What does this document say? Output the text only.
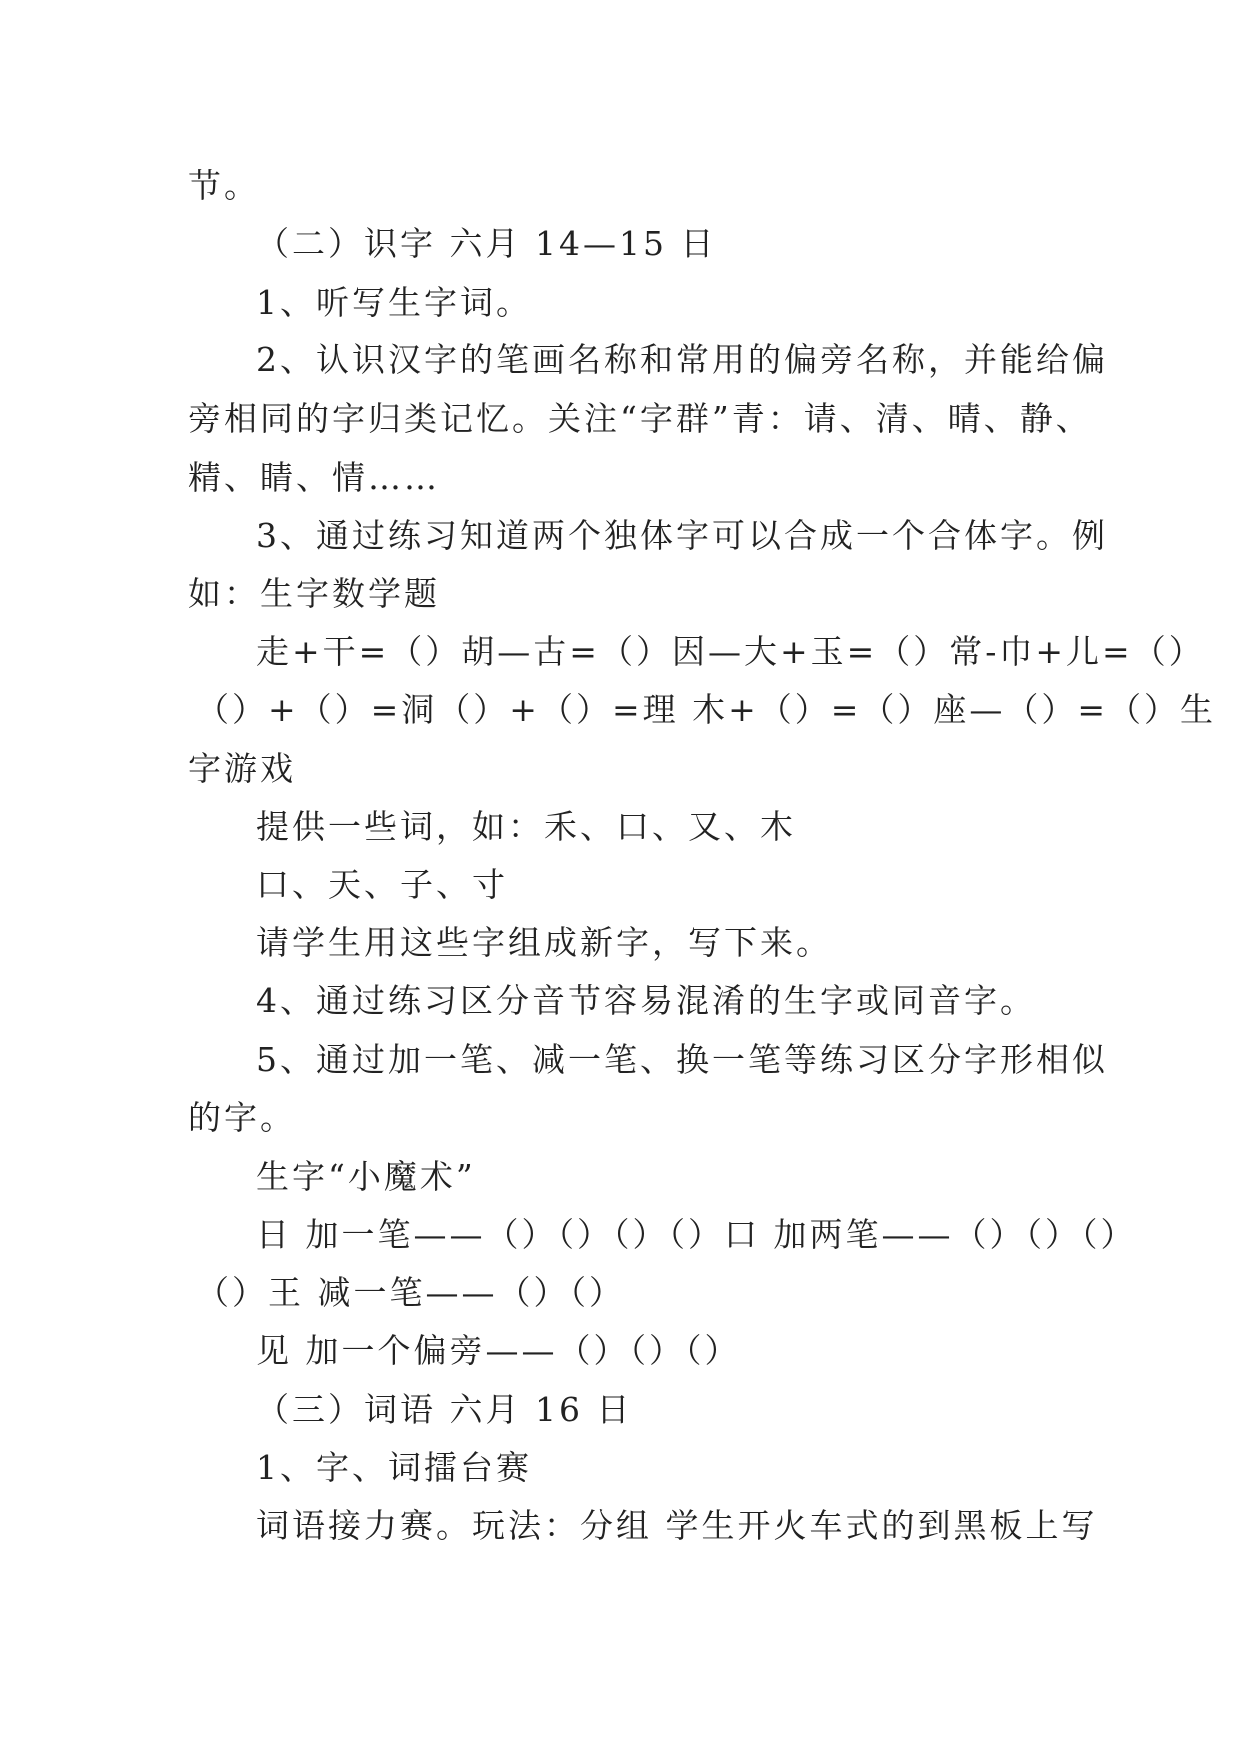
节。
（二）识字 六月 14—15 日
1、听写生字词。
2、认识汉字的笔画名称和常用的偏旁名称，并能给偏
旁相同的字归类记忆。关注“字群”青：请、清、晴、静、
精、睛、情……
3、通过练习知道两个独体字可以合成一个合体字。例
如：生字数学题
走+干=（）胡—古=（）因—大+玉=（）常-巾+儿=（）
（）+（）=洞（）+（）=理 木+（）=（）座—（）=（）生
字游戏
提供一些词，如：禾、口、又、木
口、天、子、寸
请学生用这些字组成新字，写下来。
4、通过练习区分音节容易混淆的生字或同音字。
5、通过加一笔、减一笔、换一笔等练习区分字形相似
的字。
生字“小魔术”
日 加一笔——（）（）（）（）口 加两笔——（）（）（）
（）王 减一笔——（）（）
见 加一个偏旁——（）（）（）
（三）词语 六月 16 日
1、字、词擂台赛
词语接力赛。玩法：分组 学生开火车式的到黑板上写
